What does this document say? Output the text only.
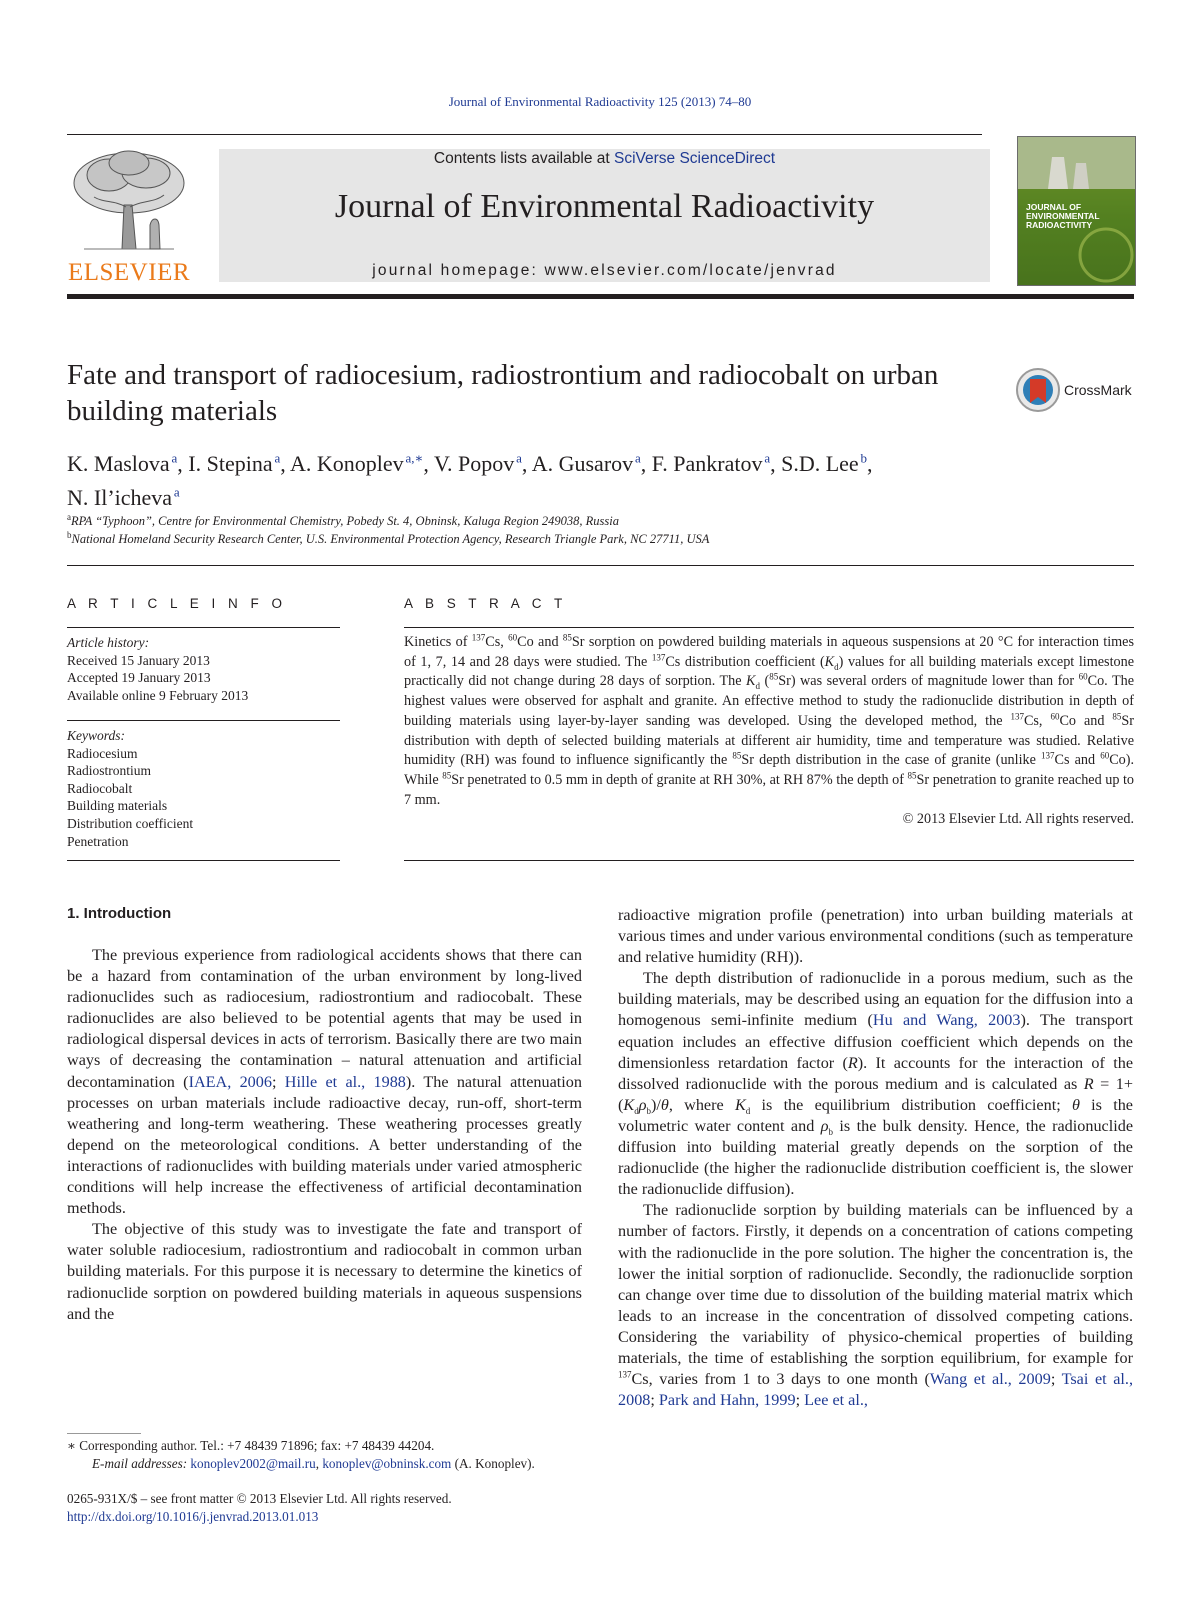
Journal of Environmental Radioactivity 125 (2013) 74–80
ELSEVIER
Contents lists available at SciVerse ScienceDirect
Journal of Environmental Radioactivity
journal homepage: www.elsevier.com/locate/jenvrad
JOURNAL OF ENVIRONMENTAL RADIOACTIVITY
Fate and transport of radiocesium, radiostrontium and radiocobalt on urban building materials
CrossMark
K. Maslova  $^a$, I. Stepina  $^a$, A. Konoplev  $^{a,∗}$, V. Popov  $^a$, A. Gusarov  $^a$, F. Pankratov  $^a$, S.D. Lee  $^b$,
N. Il’icheva  $^a$
$^a$RPA “Typhoon”, Centre for Environmental Chemistry, Pobedy St. 4, Obninsk, Kaluga Region 249038, Russia
$^b$National Homeland Security Research Center, U.S. Environmental Protection Agency, Research Triangle Park, NC 27711, USA
A R T I C L E I N F O
Article history:
Received 15 January 2013
Accepted 19 January 2013
Available online 9 February 2013
Keywords:
Radiocesium
Radiostrontium
Radiocobalt
Building materials
Distribution coefficient
Penetration
A B S T R A C T
Kinetics of $^{137}$Cs, $^{60}$Co and $^{85}$Sr sorption on powdered building materials in aqueous suspensions at 20 °C for interaction times of 1, 7, 14 and 28 days were studied. The $^{137}$Cs distribution coefficient $(K_d)$ values for all building materials except limestone practically did not change during 28 days of sorption. The $K_d$ ($^{85}$Sr) was several orders of magnitude lower than for $^{60}$Co. The highest values were observed for asphalt and granite. An effective method to study the radionuclide distribution in depth of building materials using layer-by-layer sanding was developed. Using the developed method, the $^{137}$Cs, $^{60}$Co and $^{85}$Sr distribution with depth of selected building materials at different air humidity, time and temperature was studied. Relative humidity (RH) was found to influence significantly the $^{85}$Sr depth distribution in the case of granite (unlike $^{137}$Cs and $^{60}$Co). While $^{85}$Sr penetrated to 0.5 mm in depth of granite at RH 30%, at RH 87% the depth of $^{85}$Sr penetration to granite reached up to 7 mm.
© 2013 Elsevier Ltd. All rights reserved.
1. Introduction

The previous experience from radiological accidents shows that there can be a hazard from contamination of the urban environment by long-lived radionuclides such as radiocesium, radiostrontium and radiocobalt. These radionuclides are also believed to be potential agents that may be used in radiological dispersal devices in acts of terrorism. Basically there are two main ways of decreasing the contamination – natural attenuation and artificial decontamination (IAEA, 2006; Hille et al., 1988). The natural attenuation processes on urban materials include radioactive decay, run-off, short-term weathering and long-term weathering. These weathering processes greatly depend on the meteorological conditions. A better understanding of the interactions of radionuclides with building materials under varied atmospheric conditions will help increase the effectiveness of artificial decontamination methods.

The objective of this study was to investigate the fate and transport of water soluble radiocesium, radiostrontium and radiocobalt in common urban building materials. For this purpose it is necessary to determine the kinetics of radionuclide sorption on powdered building materials in aqueous suspensions and the

radioactive migration profile (penetration) into urban building materials at various times and under various environmental conditions (such as temperature and relative humidity (RH)).

The depth distribution of radionuclide in a porous medium, such as the building materials, may be described using an equation for the diffusion into a homogenous semi-infinite medium (Hu and Wang, 2003). The transport equation includes an effective diffusion coefficient which depends on the dimensionless retardation factor (R). It accounts for the interaction of the dissolved radionuclide with the porous medium and is calculated as $R = 1+(K_d\rho_b)/\theta$, where $K_d$ is the equilibrium distribution coefficient; θ is the volumetric water content and $\rho_b$ is the bulk density. Hence, the radionuclide diffusion into building material greatly depends on the sorption of the radionuclide (the higher the radionuclide distribution coefficient is, the slower the radionuclide diffusion).

The radionuclide sorption by building materials can be influenced by a number of factors. Firstly, it depends on a concentration of cations competing with the radionuclide in the pore solution. The higher the concentration is, the lower the initial sorption of radionuclide. Secondly, the radionuclide sorption can change over time due to dissolution of the building material matrix which leads to an increase in the concentration of dissolved competing cations. Considering the variability of physico-chemical properties of building materials, the time of establishing the sorption equilibrium, for example for $^{137}$Cs, varies from 1 to 3 days to one month (Wang et al., 2009; Tsai et al., 2008; Park and Hahn, 1999; Lee et al.,

∗ Corresponding author. Tel.: +7 48439 71896; fax: +7 48439 44204.
E-mail addresses: konoplev2002@mail.ru, konoplev@obninsk.com (A. Konoplev).
0265-931X/$ – see front matter © 2013 Elsevier Ltd. All rights reserved.
http://dx.doi.org/10.1016/j.jenvrad.2013.01.013
